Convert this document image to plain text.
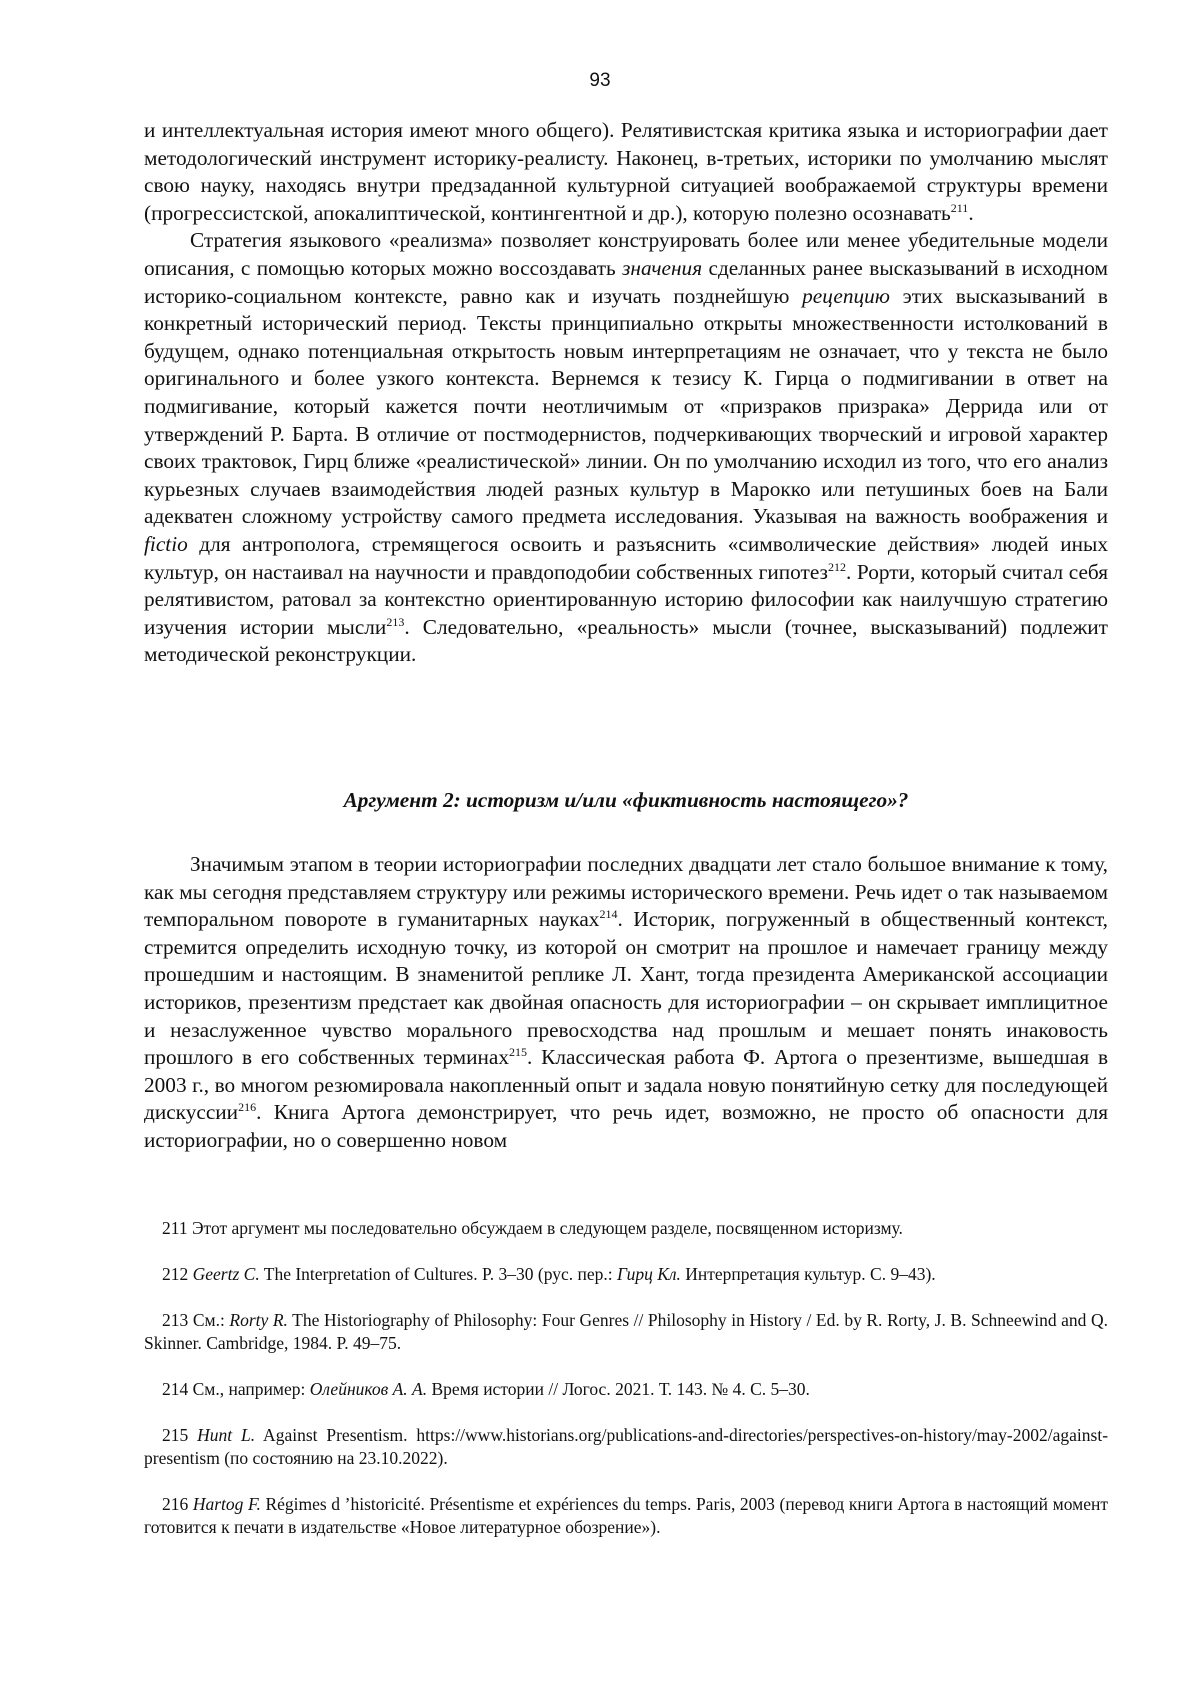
93

и интеллектуальная история имеют много общего). Релятивистская критика языка и историографии дает методологический инструмент историку-реалисту. Наконец, в-третьих, историки по умолчанию мыслят свою науку, находясь внутри предзаданной культурной ситуацией воображаемой структуры времени (прогрессистской, апокалиптической, контингентной и др.), которую полезно осознавать$^{211}$.

Стратегия языкового «реализма» позволяет конструировать более или менее убедительные модели описания, с помощью которых можно воссоздавать значения сделанных ранее высказываний в исходном историко-социальном контексте, равно как и изучать позднейшую рецепцию этих высказываний в конкретный исторический период. Тексты принципиально открыты множественности истолкований в будущем, однако потенциальная открытость новым интерпретациям не означает, что у текста не было оригинального и более узкого контекста. Вернемся к тезису К. Гирца о подмигивании в ответ на подмигивание, который кажется почти неотличимым от «призраков призрака» Деррида или от утверждений Р. Барта. В отличие от постмодернистов, подчеркивающих творческий и игровой характер своих трактовок, Гирц ближе «реалистической» линии. Он по умолчанию исходил из того, что его анализ курьезных случаев взаимодействия людей разных культур в Марокко или петушиных боев на Бали адекватен сложному устройству самого предмета исследования. Указывая на важность воображения и fictio для антрополога, стремящегося освоить и разъяснить «символические действия» людей иных культур, он настаивал на научности и правдоподобии собственных гипотез$^{212}$. Рорти, который считал себя релятивистом, ратовал за контекстно ориентированную историю философии как наилучшую стратегию изучения истории мысли$^{213}$. Следовательно, «реальность» мысли (точнее, высказываний) подлежит методической реконструкции.

Аргумент 2: историзм и/или «фиктивность настоящего»?

Значимым этапом в теории историографии последних двадцати лет стало большое внимание к тому, как мы сегодня представляем структуру или режимы исторического времени. Речь идет о так называемом темпоральном повороте в гуманитарных науках$^{214}$. Историк, погруженный в общественный контекст, стремится определить исходную точку, из которой он смотрит на прошлое и намечает границу между прошедшим и настоящим. В знаменитой реплике Л. Хант, тогда президента Американской ассоциации историков, презентизм предстает как двойная опасность для историографии – он скрывает имплицитное и незаслуженное чувство морального превосходства над прошлым и мешает понять инаковость прошлого в его собственных терминах$^{215}$. Классическая работа Ф. Артога о презентизме, вышедшая в 2003 г., во многом резюмировала накопленный опыт и задала новую понятийную сетку для последующей дискуссии$^{216}$. Книга Артога демонстрирует, что речь идет, возможно, не просто об опасности для историографии, но о совершенно новом

211 Этот аргумент мы последовательно обсуждаем в следующем разделе, посвященном историзму.

212 Geertz C. The Interpretation of Cultures. P. 3–30 (рус. пер.: Гирц Кл. Интерпретация культур. С. 9–43).

213 См.: Rorty R. The Historiography of Philosophy: Four Genres // Philosophy in History / Ed. by R. Rorty, J. B. Schneewind and Q. Skinner. Cambridge, 1984. P. 49–75.

214 См., например: Олейников А. А. Время истории // Логос. 2021. Т. 143. № 4. С. 5–30.

215 Hunt L. Against Presentism. https://www.historians.org/publications-and-directories/perspectives-on-history/may-2002/against-presentism (по состоянию на 23.10.2022).

216 Hartog F. Régimes d ’historicité. Présentisme et expériences du temps. Paris, 2003 (перевод книги Артога в настоящий момент готовится к печати в издательстве «Новое литературное обозрение»).
